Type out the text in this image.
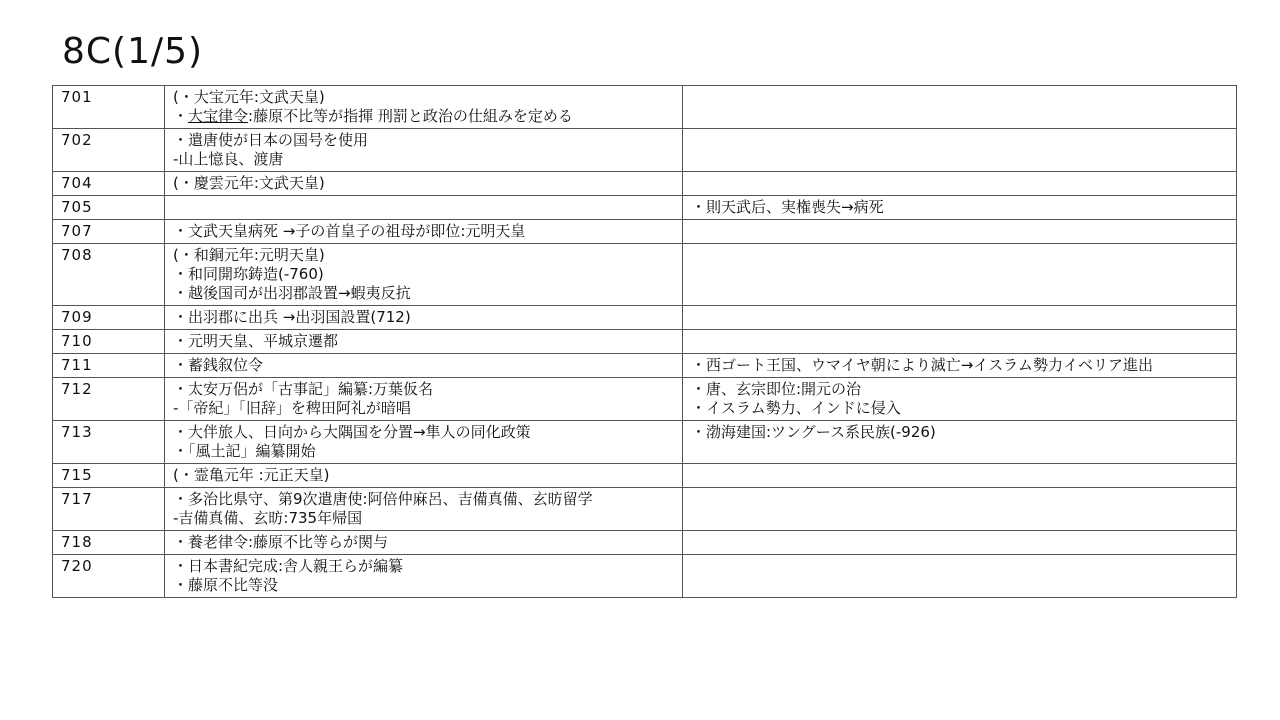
8C(1/5)
701	(・大宝元年:文武天皇)
・大宝律令:藤原不比等が指揮 刑罰と政治の仕組みを定める	

702	・遣唐使が日本の国号を使用
-山上憶良、渡唐	

704	(・慶雲元年:文武天皇)	

705		・則天武后、実権喪失→病死

707	・文武天皇病死 →子の首皇子の祖母が即位:元明天皇	

708	(・和銅元年:元明天皇)
・和同開珎鋳造(-760)
・越後国司が出羽郡設置→蝦夷反抗	

709	・出羽郡に出兵 →出羽国設置(712)	

710	・元明天皇、平城京遷都	

711	・蓄銭叙位令	・西ゴート王国、ウマイヤ朝により滅亡→イスラム勢力イベリア進出

712	・太安万侶が「古事記」編纂:万葉仮名
-「帝紀」「旧辞」を稗田阿礼が暗唱	・唐、玄宗即位:開元の治
・イスラム勢力、インドに侵入

713	・大伴旅人、日向から大隅国を分置→隼人の同化政策
・「風土記」編纂開始	・渤海建国:ツングース系民族(-926)

715	(・霊亀元年 :元正天皇)	

717	・多治比県守、第9次遣唐使:阿倍仲麻呂、吉備真備、玄昉留学
-吉備真備、玄昉:735年帰国	

718	・養老律令:藤原不比等らが関与	

720	・日本書紀完成:舎人親王らが編纂
・藤原不比等没	
